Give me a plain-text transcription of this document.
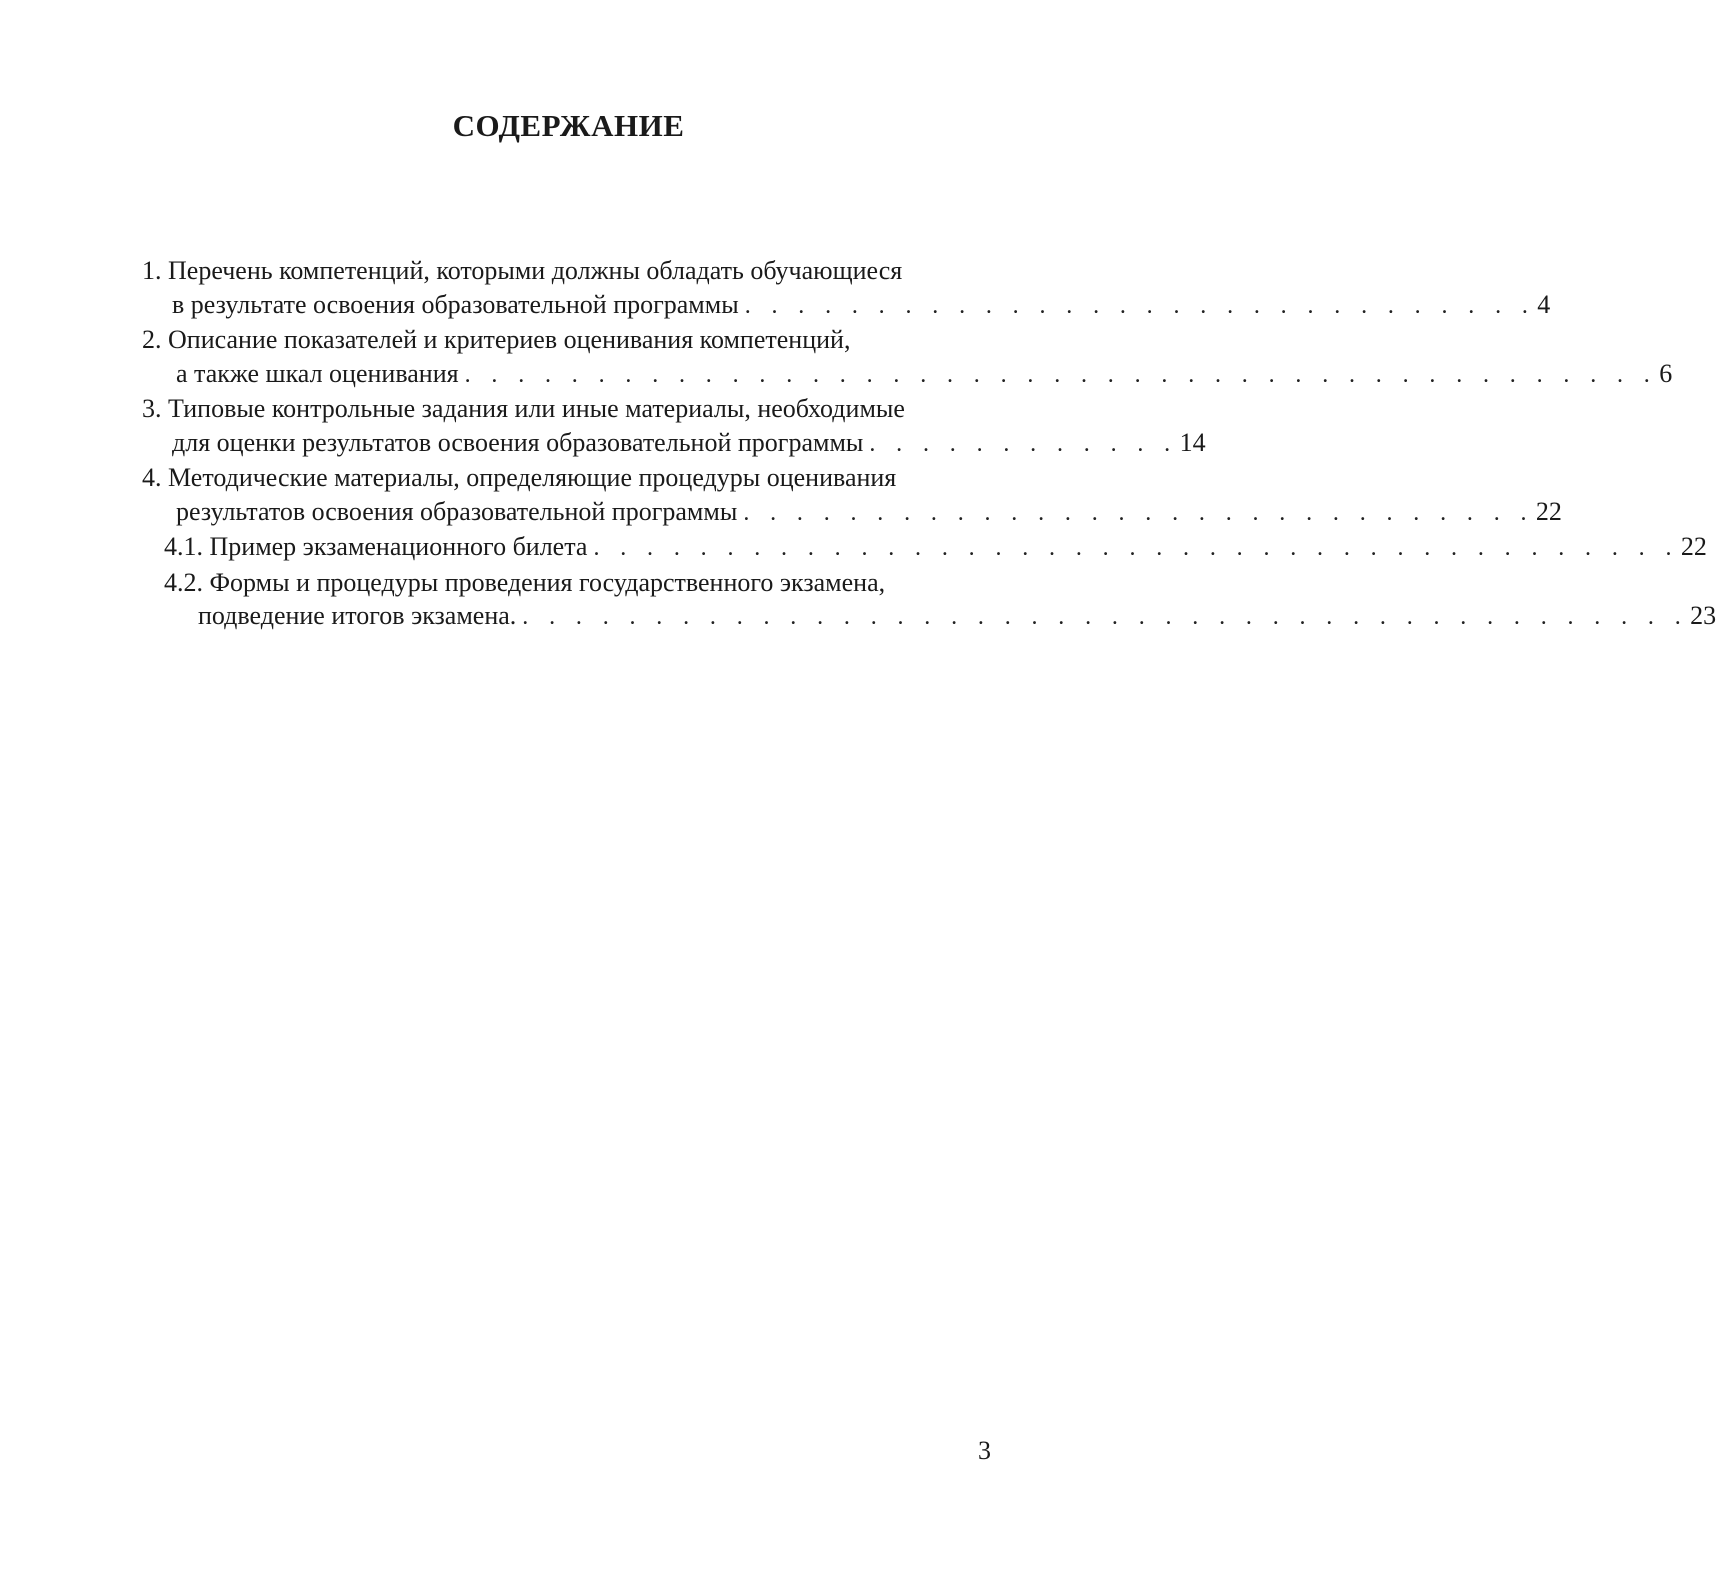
СОДЕРЖАНИЕ
1. Перечень компетенций, которыми должны обладать обучающиеся
в результате освоения образовательной программы . . . . . . . . . . . . . . . . . . . . . . . . . . . . . . 4
2. Описание показателей и критериев оценивания компетенций,
а также шкал оценивания . . . . . . . . . . . . . . . . . . . . . . . . . . . . . . . . . . . . . . . . . . . . . 6
3. Типовые контрольные задания или иные материалы, необходимые
для оценки результатов освоения образовательной программы . . . . . . . . . . . . 14
4. Методические материалы, определяющие процедуры оценивания
результатов освоения образовательной программы . . . . . . . . . . . . . . . . . . . . . . . . . . . . . . 22
4.1. Пример экзаменационного билета . . . . . . . . . . . . . . . . . . . . . . . . . . . . . . . . . . . . . . . . . 22
4.2. Формы и процедуры проведения государственного экзамена,
подведение итогов экзамена. . . . . . . . . . . . . . . . . . . . . . . . . . . . . . . . . . . . . . . . . . . . . 23
3
